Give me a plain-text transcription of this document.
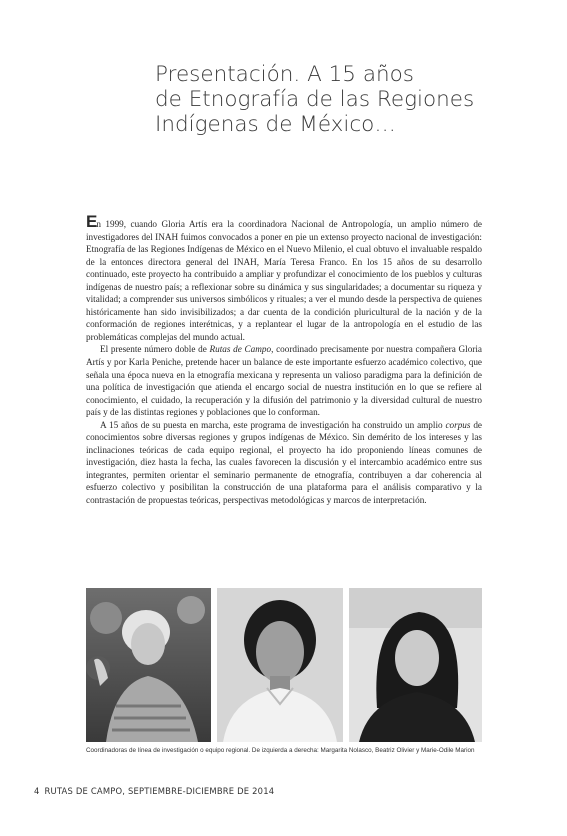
Presentación. A 15 años
de Etnografía de las Regiones
Indígenas de México…

En 1999, cuando Gloria Artís era la coordinadora Nacional de Antropología, un amplio número de investigadores del INAH fuimos convocados a poner en pie un extenso proyecto nacional de investigación: Etnografía de las Regiones Indígenas de México en el Nuevo Milenio, el cual obtuvo el invaluable respaldo de la entonces directora general del INAH, María Teresa Franco. En los 15 años de su desarrollo continuado, este proyecto ha contribuido a ampliar y profundizar el conocimiento de los pueblos y culturas indígenas de nuestro país; a reflexionar sobre su dinámica y sus singularidades; a documentar su riqueza y vitalidad; a comprender sus universos simbólicos y rituales; a ver el mundo desde la perspectiva de quienes históricamente han sido invisibilizados; a dar cuenta de la condición pluricultural de la nación y de la conformación de regiones interétnicas, y a replantear el lugar de la antropología en el estudio de las problemáticas complejas del mundo actual.

El presente número doble de Rutas de Campo, coordinado precisamente por nuestra compañera Gloria Artís y por Karla Peniche, pretende hacer un balance de este importante esfuerzo académico colectivo, que señala una época nueva en la etnografía mexicana y representa un valioso paradigma para la definición de una política de investigación que atienda el encargo social de nuestra institución en lo que se refiere al conocimiento, el cuidado, la recuperación y la difusión del patrimonio y la diversidad cultural de nuestro país y de las distintas regiones y poblaciones que lo conforman.

A 15 años de su puesta en marcha, este programa de investigación ha construido un amplio corpus de conocimientos sobre diversas regiones y grupos indígenas de México. Sin demérito de los intereses y las inclinaciones teóricas de cada equipo regional, el proyecto ha ido proponiendo líneas comunes de investigación, diez hasta la fecha, las cuales favorecen la discusión y el intercambio académico entre sus integrantes, permiten orientar el seminario permanente de etnografía, contribuyen a dar coherencia al esfuerzo colectivo y posibilitan la construcción de una plataforma para el análisis comparativo y la contrastación de propuestas teóricas, perspectivas metodológicas y marcos de interpretación.

Coordinadoras de línea de investigación o equipo regional. De izquierda a derecha: Margarita Nolasco, Beatriz Olivier y Marie-Odile Marion
4 RUTAS DE CAMPO, SEPTIEMBRE-DICIEMBRE DE 2014
